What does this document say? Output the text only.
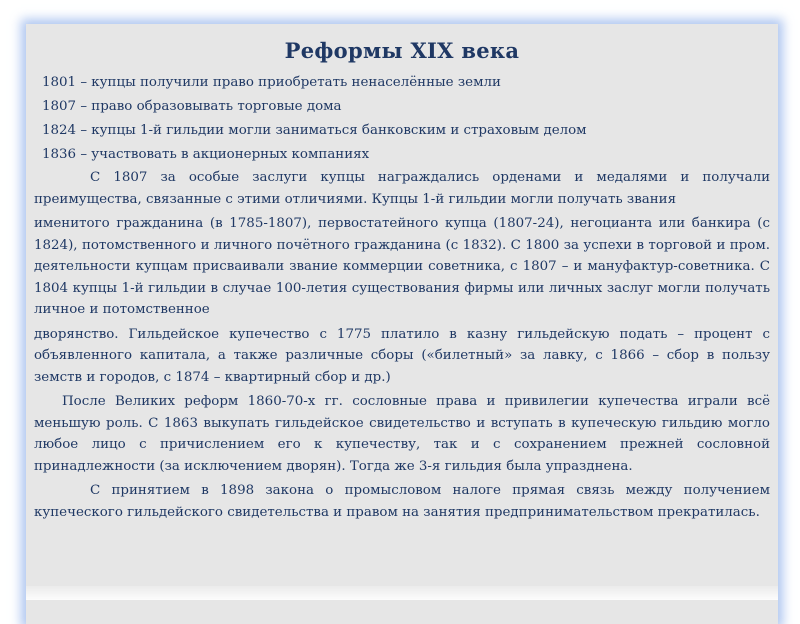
Реформы XIX века
1801 – купцы получили право приобретать ненаселённые земли
1807 – право образовывать торговые дома
1824 – купцы 1-й гильдии могли заниматься банковским и страховым делом
1836 – участвовать в акционерных компаниях

С 1807 за особые заслуги купцы награждались орденами и медалями и получали преимущества, связанные с этими отличиями. Купцы 1-й гильдии могли получать звания

именитого гражданина (в 1785-1807), первостатейного купца (1807-24), негоцианта или банкира (с 1824), потомственного и личного почётного гражданина (с 1832). С 1800 за успехи в торговой и пром. деятельности купцам присваивали звание коммерции советника, с 1807 – и мануфактур-советника. С 1804 купцы 1-й гильдии в случае 100-летия существования фирмы или личных заслуг могли получать личное и потомственное

дворянство. Гильдейское купечество с 1775 платило в казну гильдейскую подать – процент с объявленного капитала, а также различные сборы («билетный» за лавку, с 1866 – сбор в пользу земств и городов, с 1874 – квартирный сбор и др.)

После Великих реформ 1860-70-х гг. сословные права и привилегии купечества играли всё меньшую роль. С 1863 выкупать гильдейское свидетельство и вступать в купеческую гильдию могло любое лицо с причислением его к купечеству, так и с сохранением прежней сословной принадлежности (за исключением дворян). Тогда же 3-я гильдия была упразднена.

С принятием в 1898 закона о промысловом налоге прямая связь между получением купеческого гильдейского свидетельства и правом на занятия предпринимательством прекратилась.
